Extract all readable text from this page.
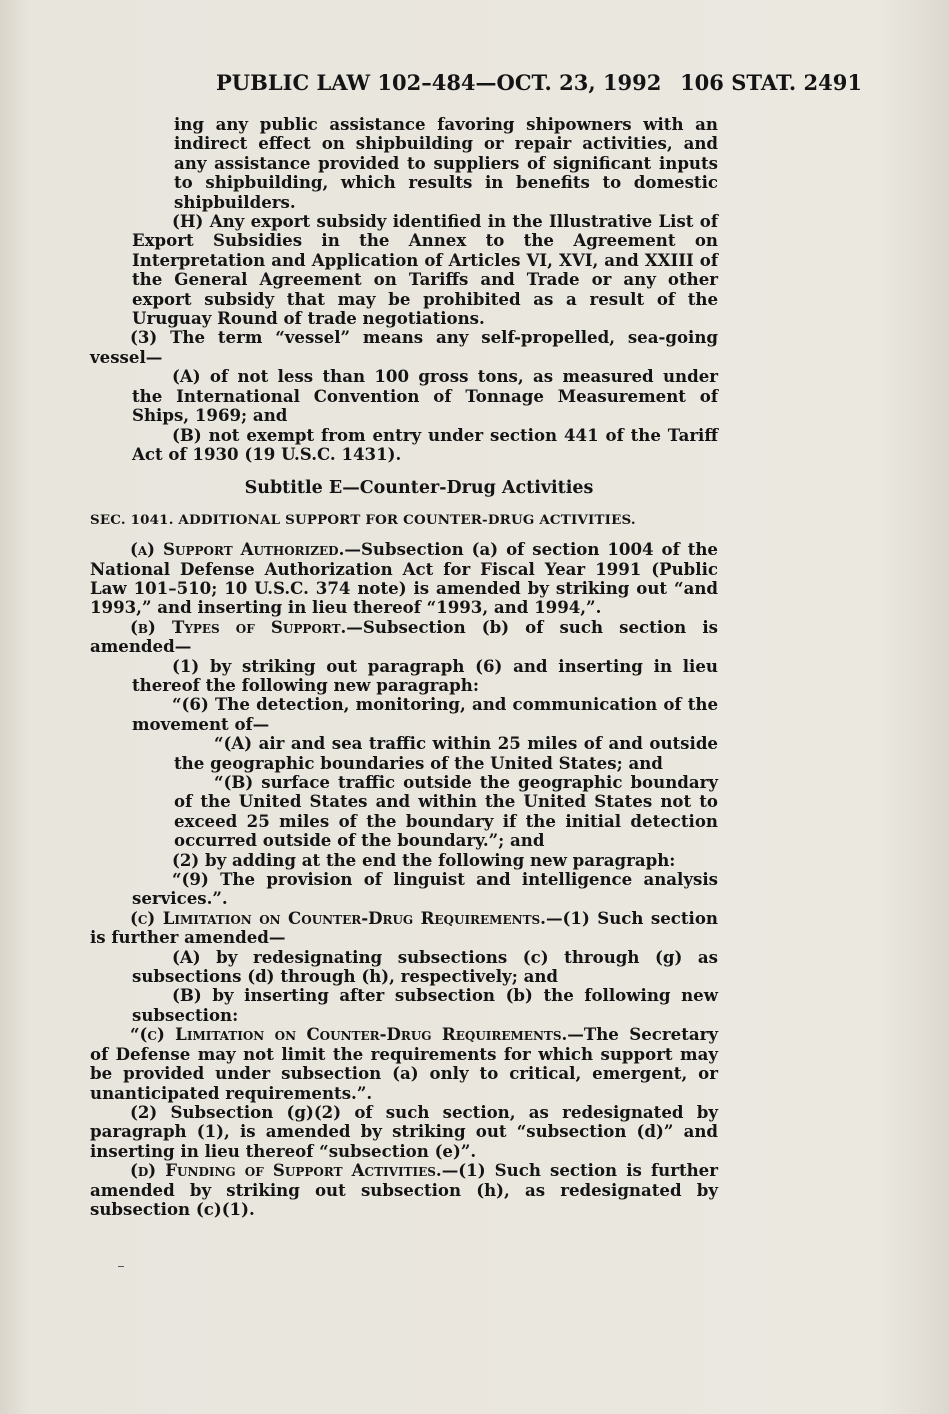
PUBLIC LAW 102–484—OCT. 23, 1992 106 STAT. 2491

ing any public assistance favoring shipowners with an indirect effect on shipbuilding or repair activities, and any assistance provided to suppliers of significant inputs to shipbuilding, which results in benefits to domestic shipbuilders.

(H) Any export subsidy identified in the Illustrative List of Export Subsidies in the Annex to the Agreement on Interpretation and Application of Articles VI, XVI, and XXIII of the General Agreement on Tariffs and Trade or any other export subsidy that may be prohibited as a result of the Uruguay Round of trade negotiations.

(3) The term “vessel” means any self-propelled, sea-going vessel—

(A) of not less than 100 gross tons, as measured under the International Convention of Tonnage Measurement of Ships, 1969; and

(B) not exempt from entry under section 441 of the Tariff Act of 1930 (19 U.S.C. 1431).

Subtitle E—Counter-Drug Activities

SEC. 1041. ADDITIONAL SUPPORT FOR COUNTER-DRUG ACTIVITIES.

(a) Support Authorized.—Subsection (a) of section 1004 of the National Defense Authorization Act for Fiscal Year 1991 (Public Law 101–510; 10 U.S.C. 374 note) is amended by striking out “and 1993,” and inserting in lieu thereof “1993, and 1994,”.

(b) Types of Support.—Subsection (b) of such section is amended—

(1) by striking out paragraph (6) and inserting in lieu thereof the following new paragraph:

“(6) The detection, monitoring, and communication of the movement of—

“(A) air and sea traffic within 25 miles of and outside the geographic boundaries of the United States; and

“(B) surface traffic outside the geographic boundary of the United States and within the United States not to exceed 25 miles of the boundary if the initial detection occurred outside of the boundary.”; and

(2) by adding at the end the following new paragraph:

“(9) The provision of linguist and intelligence analysis services.”.

(c) Limitation on Counter-Drug Requirements.—(1) Such section is further amended—

(A) by redesignating subsections (c) through (g) as subsections (d) through (h), respectively; and

(B) by inserting after subsection (b) the following new subsection:

“(c) Limitation on Counter-Drug Requirements.—The Secretary of Defense may not limit the requirements for which support may be provided under subsection (a) only to critical, emergent, or unanticipated requirements.”.

(2) Subsection (g)(2) of such section, as redesignated by paragraph (1), is amended by striking out “subsection (d)” and inserting in lieu thereof “subsection (e)”.

(d) Funding of Support Activities.—(1) Such section is further amended by striking out subsection (h), as redesignated by subsection (c)(1).
